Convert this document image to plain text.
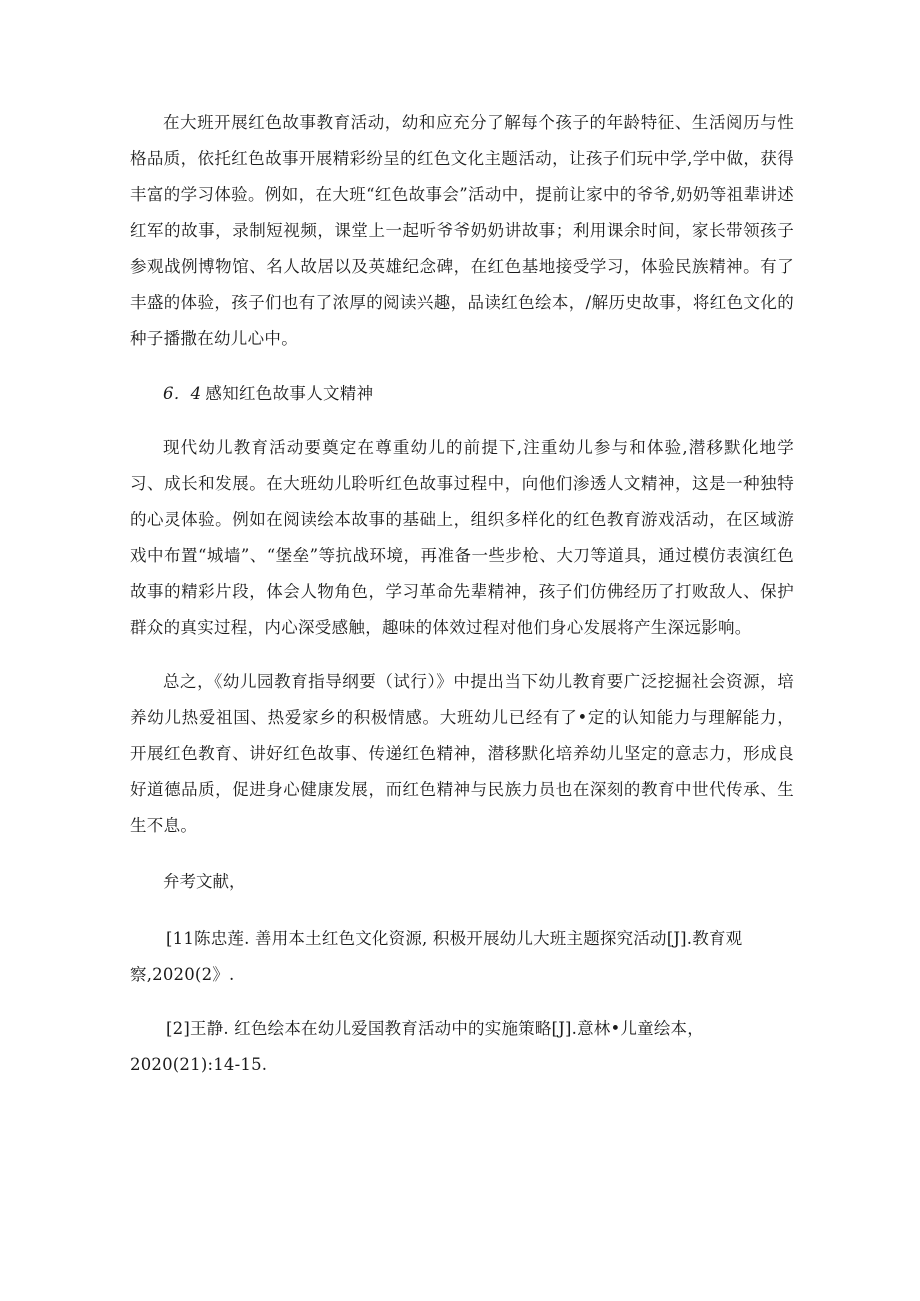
在大班开展红色故事教育活动，幼和应充分了解每个孩子的年龄特征、生活阅历与性格品质，依托红色故事开展精彩纷呈的红色文化主题活动，让孩子们玩中学,学中做，获得丰富的学习体验。例如，在大班“红色故事会”活动中，提前让家中的爷爷,奶奶等祖辈讲述红军的故事，录制短视频，课堂上一起听爷爷奶奶讲故事；利用课余时间，家长带领孩子参观战例博物馆、名人故居以及英雄纪念碑，在红色基地接受学习，体验民族精神。有了丰盛的体验，孩子们也有了浓厚的阅读兴趣，品读红色绘本，/解历史故事，将红色文化的种子播撒在幼儿心中。

6．4 感知红色故事人文精神

现代幼儿教育活动要奠定在尊重幼儿的前提下,注重幼儿参与和体验,潜移默化地学习、成长和发展。在大班幼儿聆听红色故事过程中，向他们渗透人文精神，这是一种独特的心灵体验。例如在阅读绘本故事的基础上，组织多样化的红色教育游戏活动，在区域游戏中布置“城墙”、“堡垒”等抗战环境，再准备一些步枪、大刀等道具，通过模仿表演红色故事的精彩片段，体会人物角色，学习革命先辈精神，孩子们仿佛经历了打败敌人、保护群众的真实过程，内心深受感触，趣味的体效过程对他们身心发展将产生深远影响。

总之，《幼儿园教育指导纲要（试行）》中提出当下幼儿教育要广泛挖掘社会资源，培养幼儿热爱祖国、热爱家乡的积极情感。大班幼儿已经有了•定的认知能力与理解能力，开展红色教育、讲好红色故事、传递红色精神，潜移默化培养幼儿坚定的意志力，形成良好道德品质，促进身心健康发展，而红色精神与民族力员也在深刻的教育中世代传承、生生不息。

弁考文献，

[11陈忠莲. 善用本土红色文化资源, 积极开展幼儿大班主题探究活动[J].教育观察,2020(2》.

[2]王静. 红色绘本在幼儿爱国教育活动中的实施策略[J].意林•儿童绘本，2020(21):14-15.
